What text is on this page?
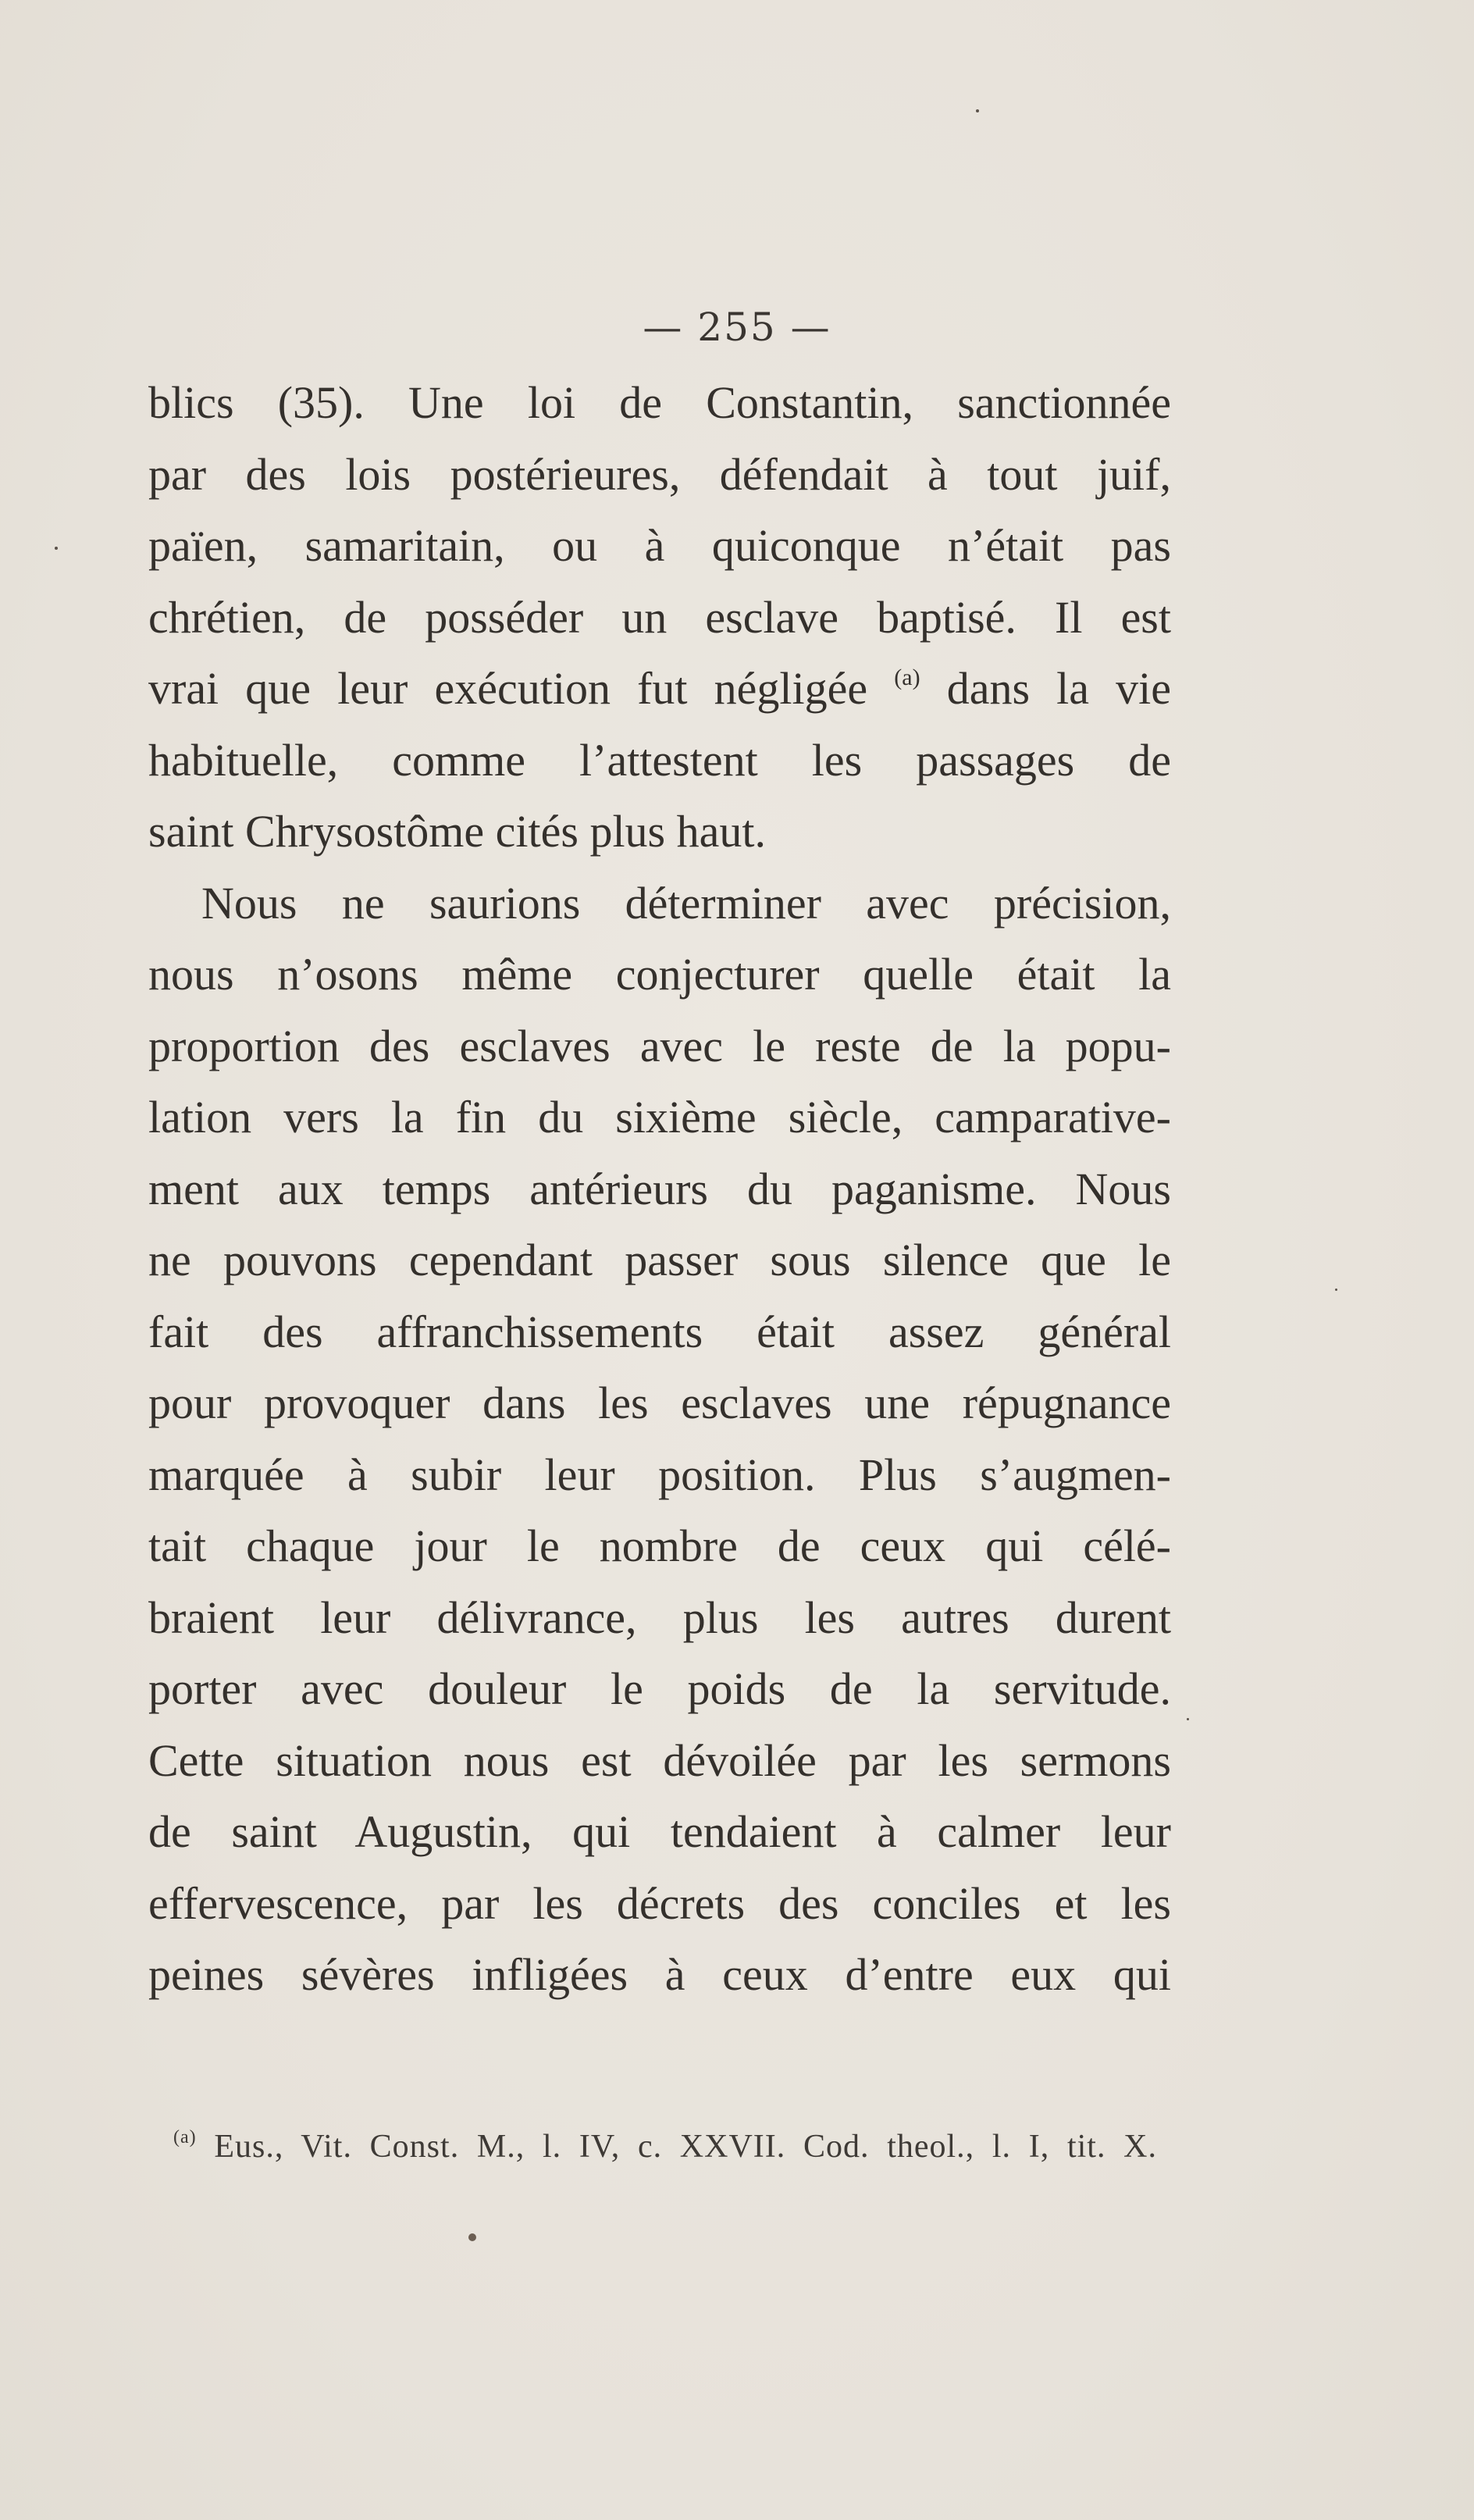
— 255 —
blics (35). Une loi de Constantin, sanctionnée
par des lois postérieures, défendait à tout juif,
païen, samaritain, ou à quiconque n’était pas
chrétien, de posséder un esclave baptisé. Il est
vrai que leur exécution fut négligée $^{(a)}$ dans la vie
habituelle, comme l’attestent les passages de
saint Chrysostôme cités plus haut.
Nous ne saurions déterminer avec précision,
nous n’osons même conjecturer quelle était la
proportion des esclaves avec le reste de la popu-
lation vers la fin du sixième siècle, camparative-
ment aux temps antérieurs du paganisme. Nous
ne pouvons cependant passer sous silence que le
fait des affranchissements était assez général
pour provoquer dans les esclaves une répugnance
marquée à subir leur position. Plus s’augmen-
tait chaque jour le nombre de ceux qui célé-
braient leur délivrance, plus les autres durent
porter avec douleur le poids de la servitude.
Cette situation nous est dévoilée par les sermons
de saint Augustin, qui tendaient à calmer leur
effervescence, par les décrets des conciles et les
peines sévères infligées à ceux d’entre eux qui
$^{(a)}$ Eus., Vit. Const. M., l. IV, c. XXVII. Cod. theol., l. I, tit. X.
